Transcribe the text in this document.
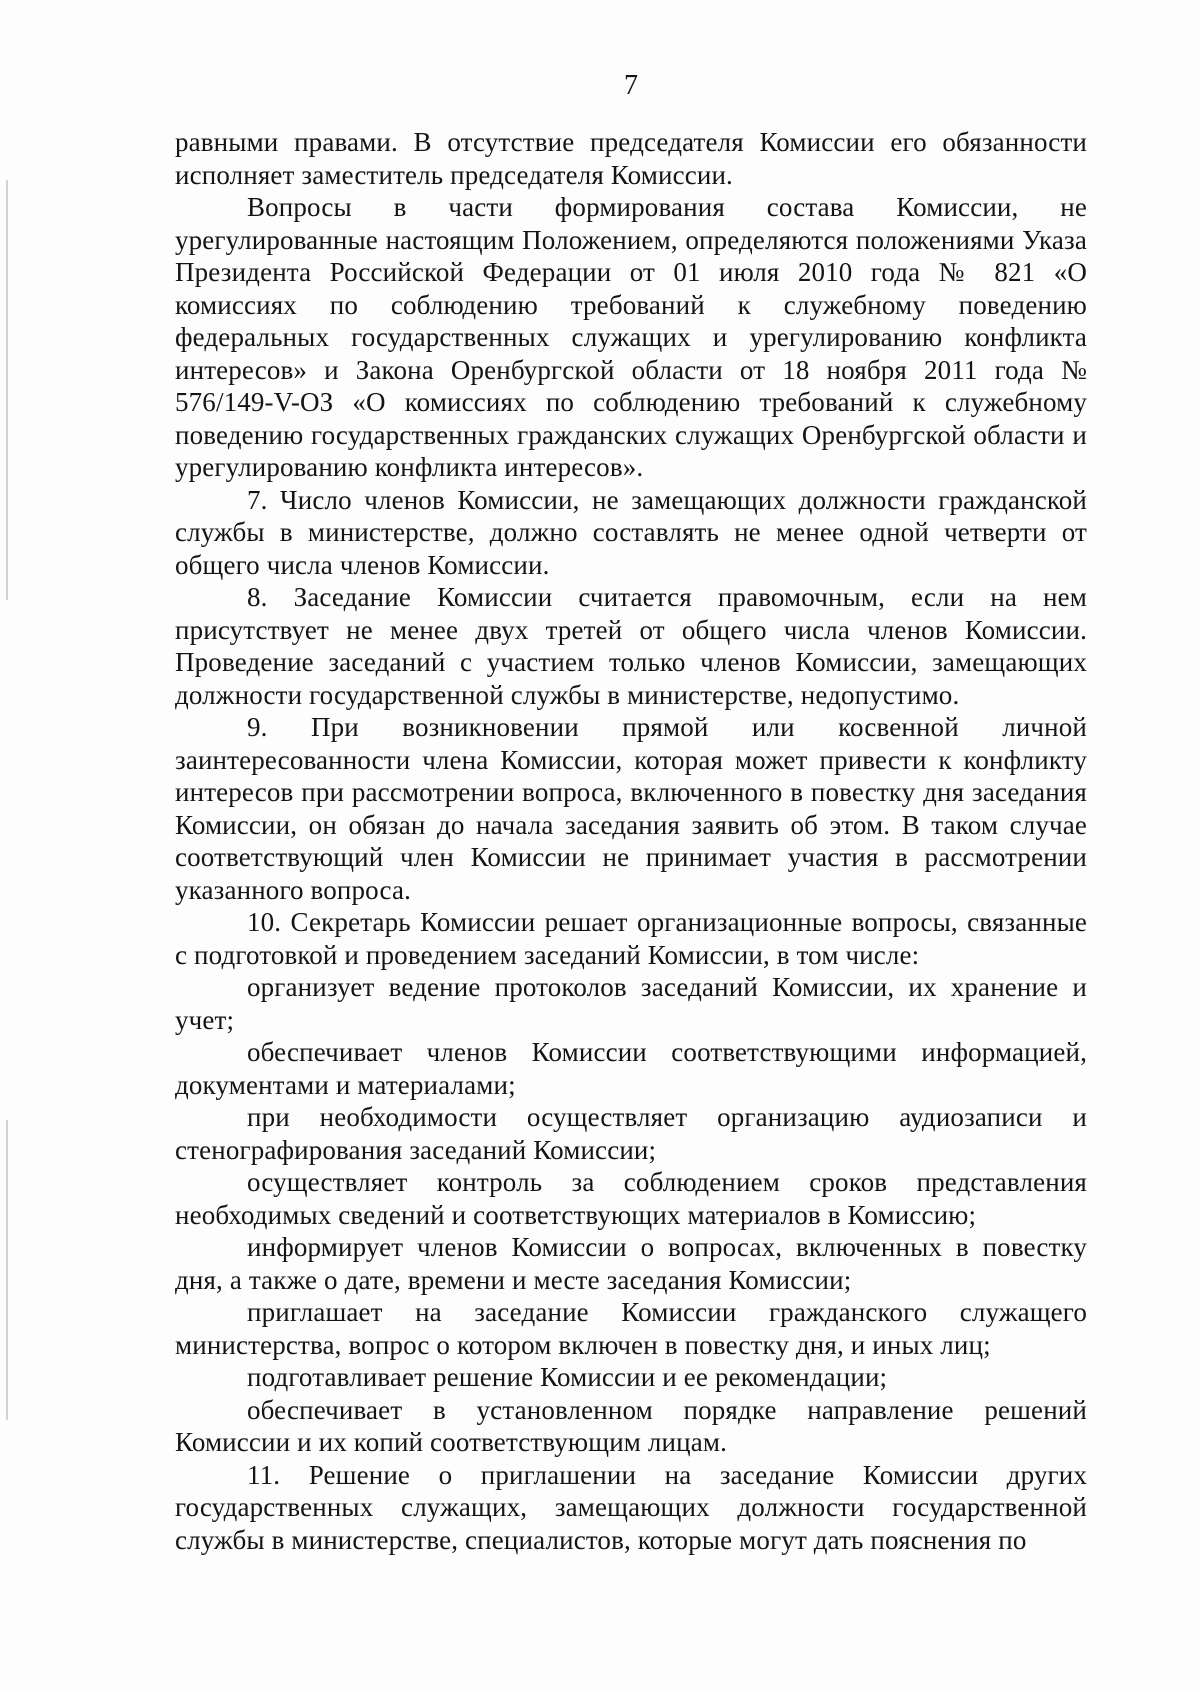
7

равными правами. В отсутствие председателя Комиссии его обязанности исполняет заместитель председателя Комиссии.

Вопросы в части формирования состава Комиссии, не урегулированные настоящим Положением, определяются положениями Указа Президента Российской Федерации от 01 июля 2010 года № 821 «О комиссиях по соблюдению требований к служебному поведению федеральных государственных служащих и урегулированию конфликта интересов» и Закона Оренбургской области от 18 ноября 2011 года № 576/149-V-ОЗ «О комиссиях по соблюдению требований к служебному поведению государственных гражданских служащих Оренбургской области и урегулированию конфликта интересов».

7. Число членов Комиссии, не замещающих должности гражданской службы в министерстве, должно составлять не менее одной четверти от общего числа членов Комиссии.

8. Заседание Комиссии считается правомочным, если на нем присутствует не менее двух третей от общего числа членов Комиссии. Проведение заседаний с участием только членов Комиссии, замещающих должности государственной службы в министерстве, недопустимо.

9. При возникновении прямой или косвенной личной заинтересованности члена Комиссии, которая может привести к конфликту интересов при рассмотрении вопроса, включенного в повестку дня заседания Комиссии, он обязан до начала заседания заявить об этом. В таком случае соответствующий член Комиссии не принимает участия в рассмотрении указанного вопроса.

10. Секретарь Комиссии решает организационные вопросы, связанные с подготовкой и проведением заседаний Комиссии, в том числе:

организует ведение протоколов заседаний Комиссии, их хранение и учет;

обеспечивает членов Комиссии соответствующими информацией, документами и материалами;

при необходимости осуществляет организацию аудиозаписи и стенографирования заседаний Комиссии;

осуществляет контроль за соблюдением сроков представления необходимых сведений и соответствующих материалов в Комиссию;

информирует членов Комиссии о вопросах, включенных в повестку дня, а также о дате, времени и месте заседания Комиссии;

приглашает на заседание Комиссии гражданского служащего министерства, вопрос о котором включен в повестку дня, и иных лиц;

подготавливает решение Комиссии и ее рекомендации;

обеспечивает в установленном порядке направление решений Комиссии и их копий соответствующим лицам.

11. Решение о приглашении на заседание Комиссии других государственных служащих, замещающих должности государственной службы в министерстве, специалистов, которые могут дать пояснения по
